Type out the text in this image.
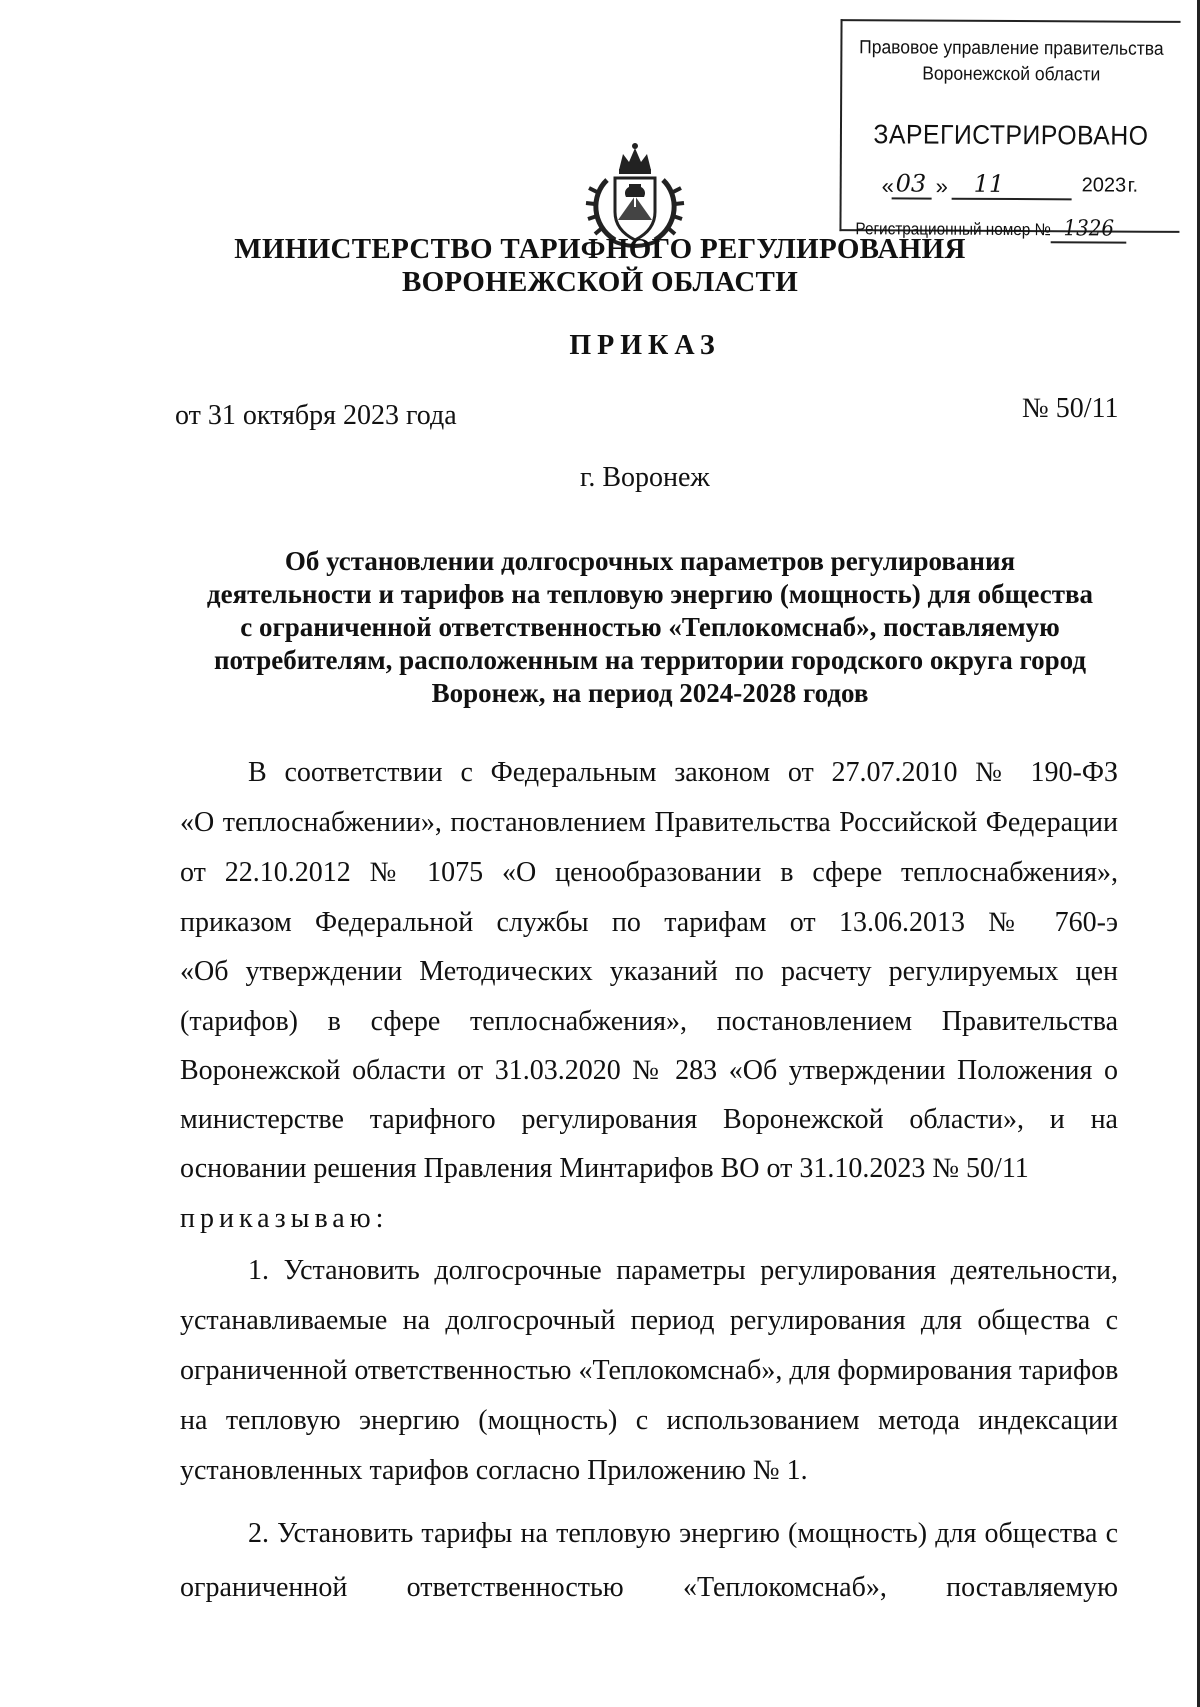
Правовое управление правительства
Воронежской области
ЗАРЕГИСТРИРОВАНО
« 03 » 11	2023 г.
Регистрационный номер № 1326
МИНИСТЕРСТВО ТАРИФНОГО РЕГУЛИРОВАНИЯ
ВОРОНЕЖСКОЙ ОБЛАСТИ
ПРИКАЗ
от 31 октября 2023 года	№ 50/11
г. Воронеж
Об установлении долгосрочных параметров регулирования
деятельности и тарифов на тепловую энергию (мощность) для общества
с ограниченной ответственностью «Теплокомснаб», поставляемую
потребителям, расположенным на территории городского округа город
Воронеж, на период 2024-2028 годов
В соответствии с Федеральным законом от 27.07.2010 № 190-ФЗ
«О теплоснабжении», постановлением Правительства Российской Федерации
от 22.10.2012 № 1075 «О ценообразовании в сфере теплоснабжения»,
приказом Федеральной службы по тарифам от 13.06.2013 № 760-э
«Об утверждении Методических указаний по расчету регулируемых цен
(тарифов) в сфере теплоснабжения», постановлением Правительства
Воронежской области от 31.03.2020 № 283 «Об утверждении Положения о
министерстве тарифного регулирования Воронежской области», и на
основании решения Правления Минтарифов ВО от 31.10.2023 № 50/11
приказываю:
1. Установить долгосрочные параметры регулирования деятельности,
устанавливаемые на долгосрочный период регулирования для общества с
ограниченной ответственностью «Теплокомснаб», для формирования тарифов
на тепловую энергию (мощность) с использованием метода индексации
установленных тарифов согласно Приложению № 1.
2. Установить тарифы на тепловую энергию (мощность) для общества с
ограниченной ответственностью «Теплокомснаб», поставляемую
